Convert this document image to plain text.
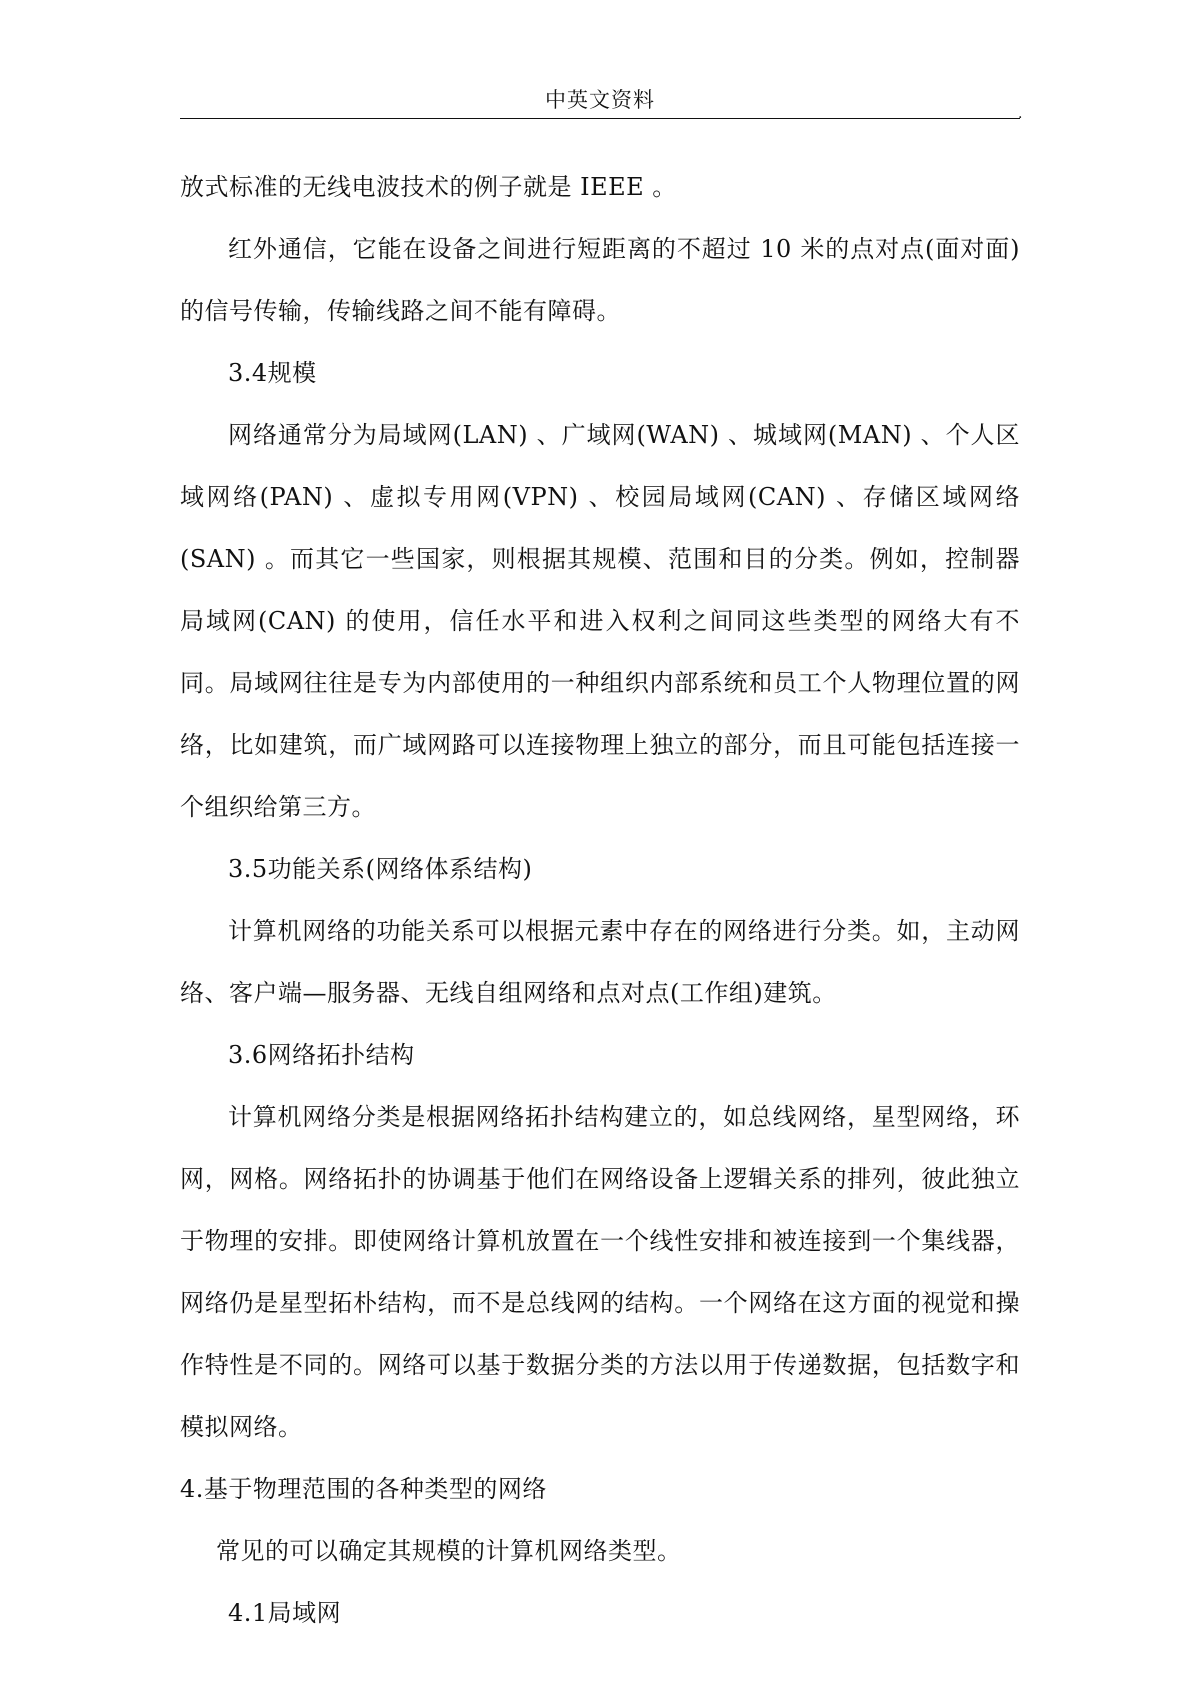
中英文资料
.

放式标准的无线电波技术的例子就是 IEEE 。

红外通信，它能在设备之间进行短距离的不超过 10 米的点对点(面对面)的信号传输，传输线路之间不能有障碍。

3.4规模

网络通常分为局域网(LAN) 、广域网(WAN) 、城域网(MAN) 、个人区域网络(PAN) 、虚拟专用网(VPN) 、校园局域网(CAN) 、存储区域网络(SAN) 。而其它一些国家，则根据其规模、范围和目的分类。例如，控制器局域网(CAN) 的使用，信任水平和进入权利之间同这些类型的网络大有不同。局域网往往是专为内部使用的一种组织内部系统和员工个人物理位置的网络，比如建筑，而广域网路可以连接物理上独立的部分，而且可能包括连接一个组织给第三方。

3.5功能关系(网络体系结构)

计算机网络的功能关系可以根据元素中存在的网络进行分类。如，主动网络、客户端—服务器、无线自组网络和点对点(工作组)建筑。

3.6网络拓扑结构

计算机网络分类是根据网络拓扑结构建立的，如总线网络，星型网络，环网，网格。网络拓扑的协调基于他们在网络设备上逻辑关系的排列，彼此独立于物理的安排。即使网络计算机放置在一个线性安排和被连接到一个集线器，网络仍是星型拓朴结构，而不是总线网的结构。一个网络在这方面的视觉和操作特性是不同的。网络可以基于数据分类的方法以用于传递数据，包括数字和模拟网络。

4.基于物理范围的各种类型的网络

常见的可以确定其规模的计算机网络类型。

4.1局域网
